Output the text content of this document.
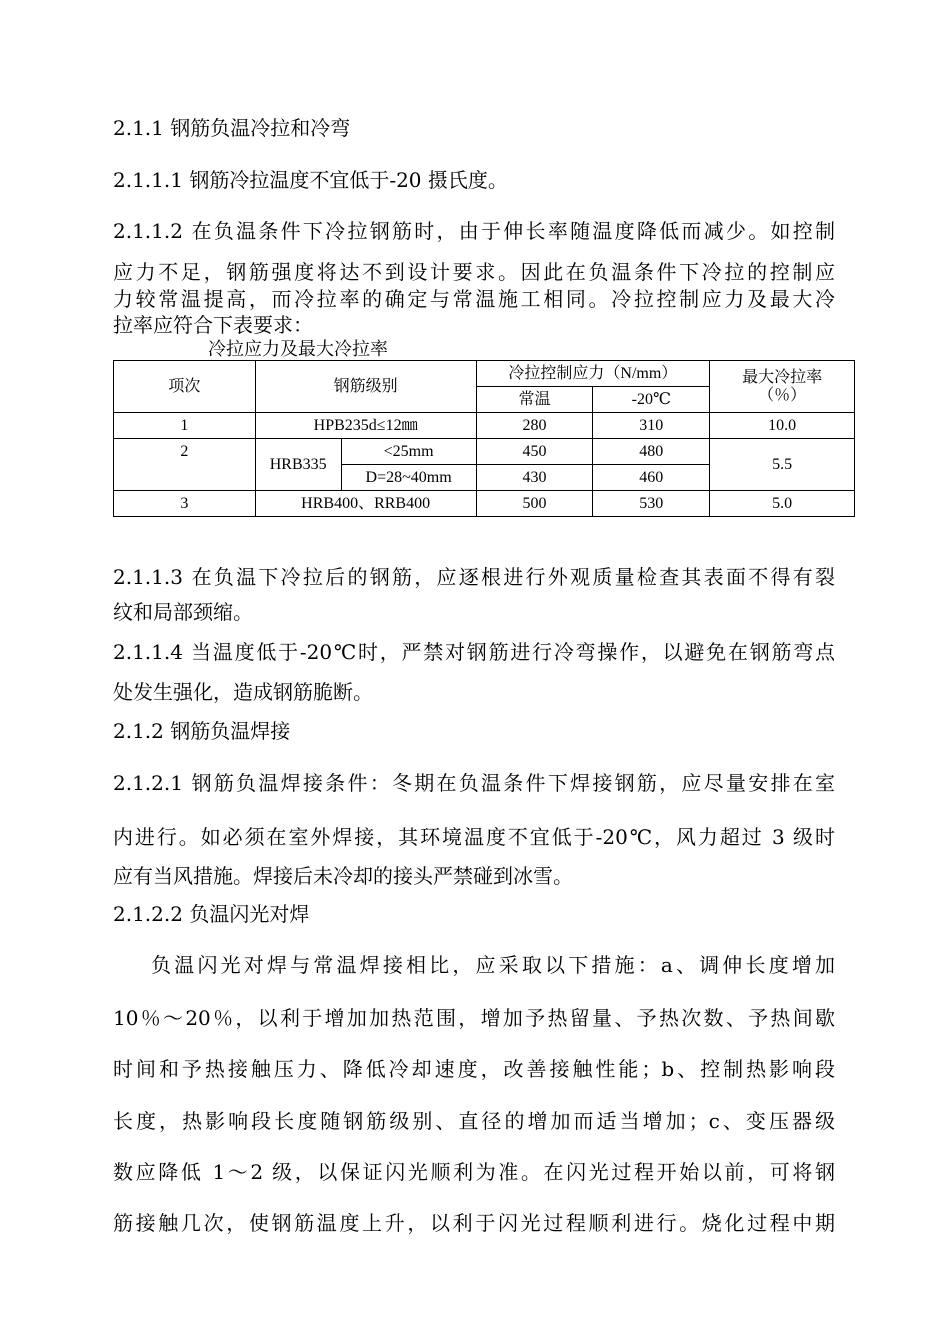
2.1.1 钢筋负温冷拉和冷弯
2.1.1.1 钢筋冷拉温度不宜低于-20 摄氏度。
2.1.1.2 在负温条件下冷拉钢筋时，由于伸长率随温度降低而减少。如控制
应力不足，钢筋强度将达不到设计要求。因此在负温条件下冷拉的控制应
力较常温提高，而冷拉率的确定与常温施工相同。冷拉控制应力及最大冷
拉率应符合下表要求：
冷拉应力及最大冷拉率
项次	钢筋级别		冷拉控制应力（N/mm）		最大冷拉率
（％）
			常温	-20℃	
1	HPB235d≤12㎜		280	310	10.0
2	HRB335	<25mm	450	480	5.5
		D=28~40mm	430	460	
3	HRB400、RRB400		500	530	5.0
2.1.1.3 在负温下冷拉后的钢筋，应逐根进行外观质量检查其表面不得有裂
纹和局部颈缩。
2.1.1.4 当温度低于-20℃时，严禁对钢筋进行冷弯操作，以避免在钢筋弯点
处发生强化，造成钢筋脆断。
2.1.2 钢筋负温焊接
2.1.2.1 钢筋负温焊接条件：冬期在负温条件下焊接钢筋，应尽量安排在室
内进行。如必须在室外焊接，其环境温度不宜低于-20℃，风力超过 3 级时
应有当风措施。焊接后未冷却的接头严禁碰到冰雪。
2.1.2.2 负温闪光对焊
负温闪光对焊与常温焊接相比，应采取以下措施：a、调伸长度增加
10％～20％，以利于增加加热范围，增加予热留量、予热次数、予热间歇
时间和予热接触压力、降低冷却速度，改善接触性能；b、控制热影响段
长度，热影响段长度随钢筋级别、直径的增加而适当增加；c、变压器级
数应降低 1～2 级，以保证闪光顺利为准。在闪光过程开始以前，可将钢
筋接触几次，使钢筋温度上升，以利于闪光过程顺利进行。烧化过程中期
